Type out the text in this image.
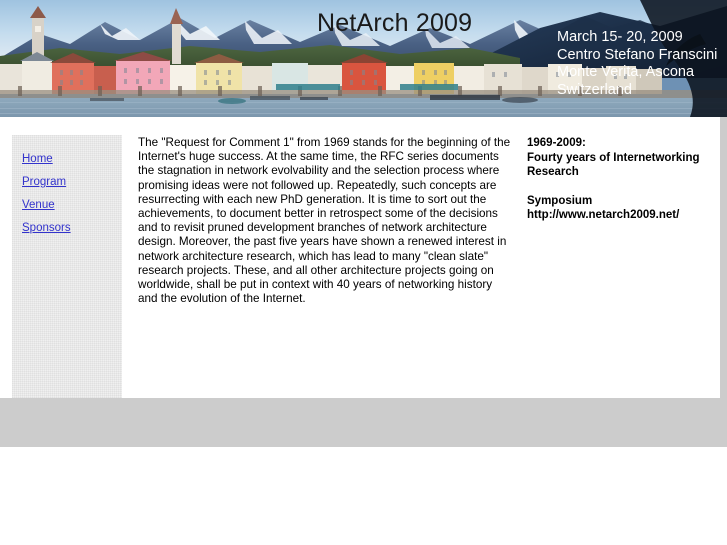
NetArch 2009	March 15- 20, 2009
Centro Stefano Franscini
Monte Verita, Ascona
Switzerland
Home
Program
Venue
Sponsors

The "Request for Comment 1" from 1969 stands for the beginning of the Internet's huge success. At the same time, the RFC series documents the stagnation in network evolvability and the selection process where promising ideas were not followed up. Repeatedly, such concepts are resurrecting with each new PhD generation. It is time to sort out the achievements, to document better in retrospect some of the decisions and to revisit pruned development branches of network architecture design. Moreover, the past five years have shown a renewed interest in network architecture research, which has lead to many "clean slate" research projects. These, and all other architecture projects going on worldwide, shall be put in context with 40 years of networking history and the evolution of the Internet.

1969-2009:
Fourty years of Internetworking
Research
Symposium
http://www.netarch2009.net/
